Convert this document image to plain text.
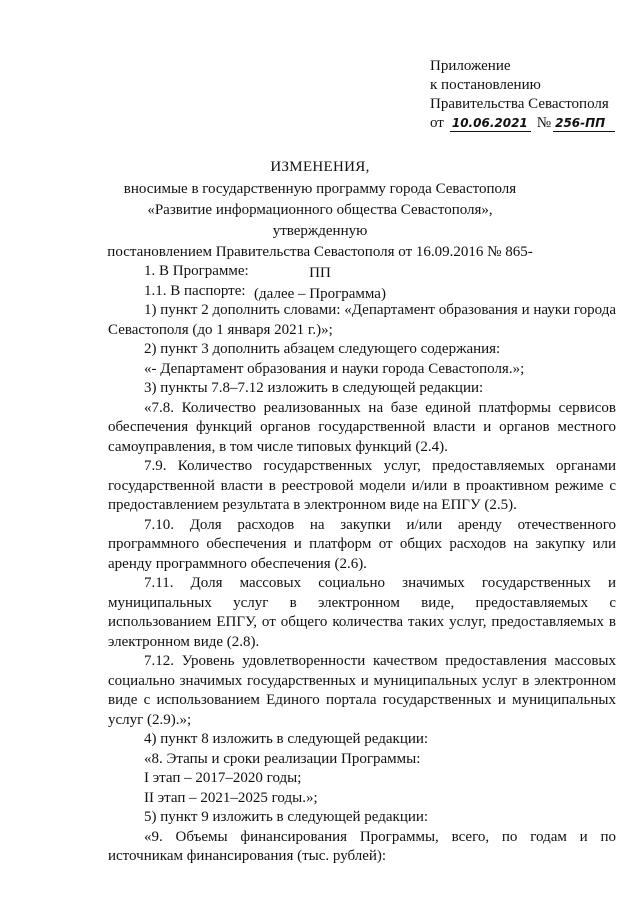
Приложение
к постановлению
Правительства Севастополя
от 10.06.2021 № 256-ПП
ИЗМЕНЕНИЯ,
вносимые в государственную программу города Севастополя
«Развитие информационного общества Севастополя», утвержденную
постановлением Правительства Севастополя от 16.09.2016 № 865-ПП
(далее – Программа)

1. В Программе:

1.1. В паспорте:

1) пункт 2 дополнить словами: «Департамент образования и науки города Севастополя (до 1 января 2021 г.)»;

2) пункт 3 дополнить абзацем следующего содержания:

«- Департамент образования и науки города Севастополя.»;

3) пункты 7.8–7.12 изложить в следующей редакции:

«7.8. Количество реализованных на базе единой платформы сервисов обеспечения функций органов государственной власти и органов местного самоуправления, в том числе типовых функций (2.4).

7.9. Количество государственных услуг, предоставляемых органами государственной власти в реестровой модели и/или в проактивном режиме с предоставлением результата в электронном виде на ЕПГУ (2.5).

7.10. Доля расходов на закупки и/или аренду отечественного программного обеспечения и платформ от общих расходов на закупку или аренду программного обеспечения (2.6).

7.11. Доля массовых социально значимых государственных и муниципальных услуг в электронном виде, предоставляемых с использованием ЕПГУ, от общего количества таких услуг, предоставляемых в электронном виде (2.8).

7.12. Уровень удовлетворенности качеством предоставления массовых социально значимых государственных и муниципальных услуг в электронном виде с использованием Единого портала государственных и муниципальных услуг (2.9).»;

4) пункт 8 изложить в следующей редакции:

«8. Этапы и сроки реализации Программы:

I этап – 2017–2020 годы;

II этап – 2021–2025 годы.»;

5) пункт 9 изложить в следующей редакции:

«9. Объемы финансирования Программы, всего, по годам и по источникам финансирования (тыс. рублей):
